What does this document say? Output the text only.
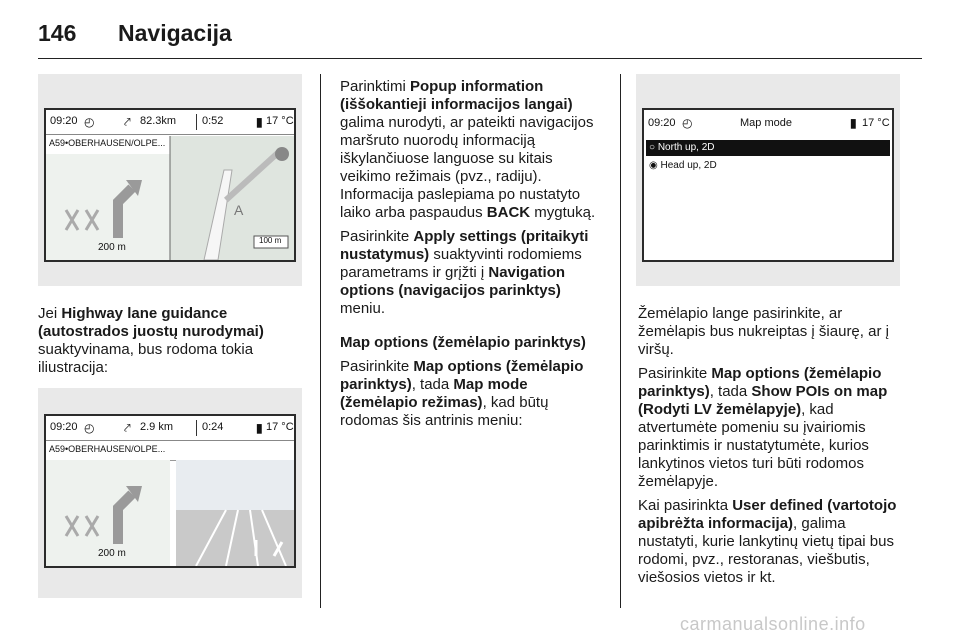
146 Navigacija
09:20 ◴ ⤤ 82.3km 0:52	▮ 17 °C
A59•OBERHAUSEN/OLPE...
200 m
100 m
A
09:20 ◴ ⤤ 2.9 km	0:24	▮ 17 °C
A59•OBERHAUSEN/OLPE...
200 m

Jei Highway lane guidance (autostrados juostų nurodymai) suaktyvinama, bus rodoma tokia iliustracija:

Parinktimi Popup information (iššokantieji informacijos langai) galima nurodyti, ar pateikti navigacijos maršruto nuorodų informaciją iškylančiuose languose su kitais veikimo režimais (pvz., radiju). Informacija paslepiama po nustatyto laiko arba paspaudus BACK mygtuką.

Pasirinkite Apply settings (pritaikyti nustatymus) suaktyvinti rodomiems parametrams ir grįžti į Navigation options (navigacijos parinktys) meniu.

Map options (žemėlapio parinktys)

Pasirinkite Map options (žemėlapio parinktys), tada Map mode (žemėlapio režimas), kad būtų rodomas šis antrinis meniu:

09:20 ◴	Map mode	▮ 17 °C
○ North up, 2D
◉ Head up, 2D

Žemėlapio lange pasirinkite, ar žemėlapis bus nukreiptas į šiaurę, ar į viršų.

Pasirinkite Map options (žemėlapio parinktys), tada Show POIs on map (Rodyti LV žemėlapyje), kad atvertumėte pomeniu su įvairiomis parinktimis ir nustatytumėte, kurios lankytinos vietos turi būti rodomos žemėlapyje.

Kai pasirinkta User defined (vartotojo apibrėžta informacija), galima nustatyti, kurie lankytinų vietų tipai bus rodomi, pvz., restoranas, viešbutis, viešosios vietos ir kt.

carmanualsonline.info
